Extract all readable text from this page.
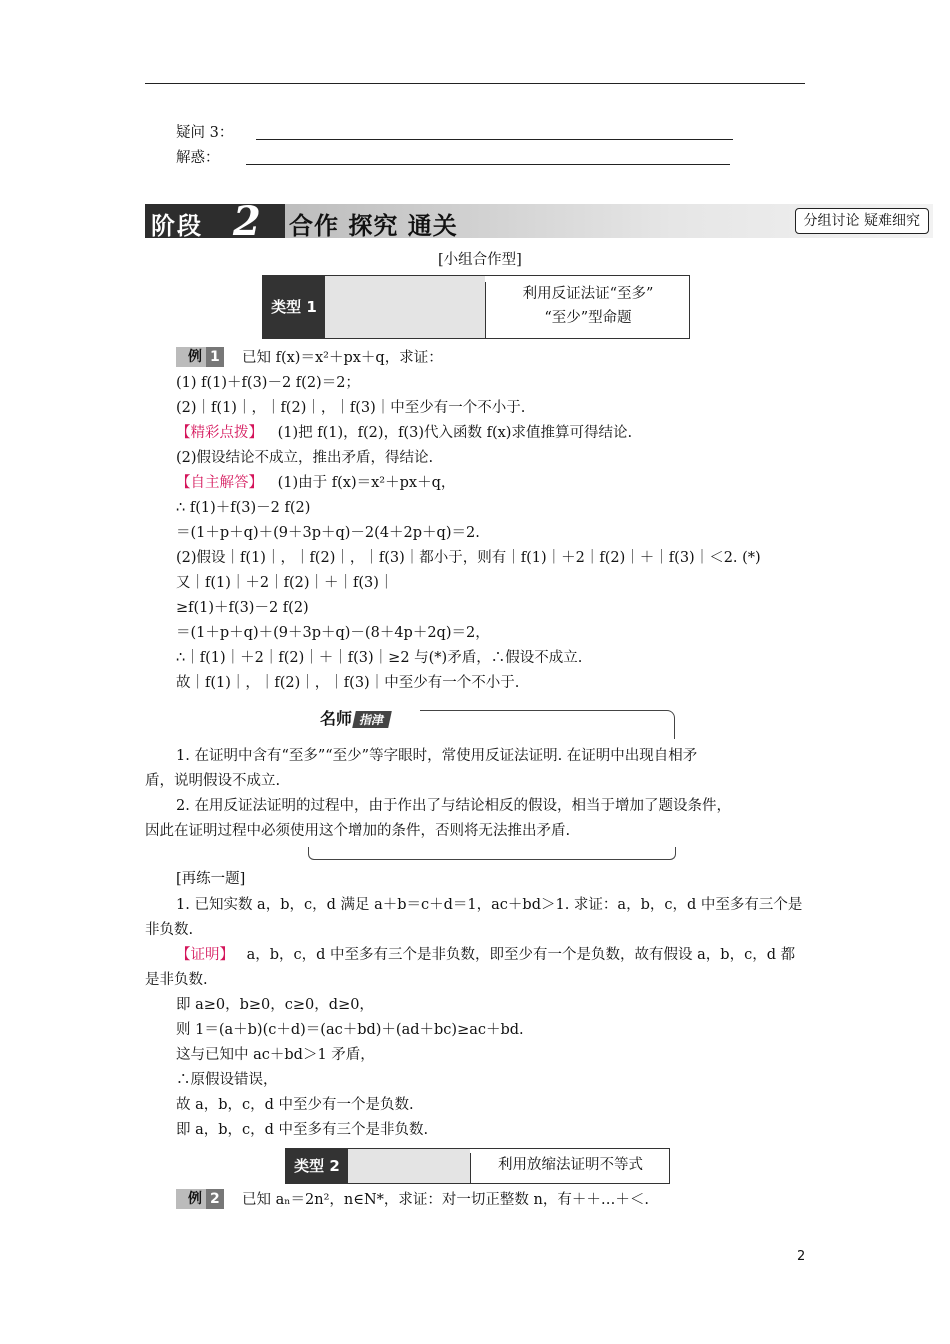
疑问 3：
解惑：
阶段 2 合作 探究 通关	分组讨论 疑难细究
[小组合作型]
类型 1
利用反证法证“至多”
“至少”型命题
例 1 已知 f(x)＝x²＋px＋q，求证：
(1) f(1)＋f(3)－2 f(2)＝2；
(2)｜f(1)｜，｜f(2)｜，｜f(3)｜中至少有一个不小于.
【精彩点拨】 (1)把 f(1)，f(2)，f(3)代入函数 f(x)求值推算可得结论.
(2)假设结论不成立，推出矛盾，得结论.
【自主解答】 (1)由于 f(x)＝x²＋px＋q，
∴ f(1)＋f(3)－2 f(2)
＝(1＋p＋q)＋(9＋3p＋q)－2(4＋2p＋q)＝2.
(2)假设｜f(1)｜，｜f(2)｜，｜f(3)｜都小于，则有｜f(1)｜＋2｜f(2)｜＋｜f(3)｜＜2. (*)
又｜f(1)｜＋2｜f(2)｜＋｜f(3)｜
≥f(1)＋f(3)－2 f(2)
＝(1＋p＋q)＋(9＋3p＋q)－(8＋4p＋2q)＝2，
∴｜f(1)｜＋2｜f(2)｜＋｜f(3)｜≥2 与(*)矛盾，∴假设不成立.
故｜f(1)｜，｜f(2)｜，｜f(3)｜中至少有一个不小于.
名师 指津
1. 在证明中含有“至多”“至少”等字眼时，常使用反证法证明. 在证明中出现自相矛
盾，说明假设不成立.
2. 在用反证法证明的过程中，由于作出了与结论相反的假设，相当于增加了题设条件，
因此在证明过程中必须使用这个增加的条件，否则将无法推出矛盾.
[再练一题]
1. 已知实数 a，b，c，d 满足 a＋b＝c＋d＝1，ac＋bd＞1. 求证：a，b，c，d 中至多有三个是
非负数.
【证明】 a，b，c，d 中至多有三个是非负数，即至少有一个是负数，故有假设 a，b，c，d 都
是非负数.
即 a≥0，b≥0，c≥0，d≥0，
则 1＝(a＋b)(c＋d)＝(ac＋bd)＋(ad＋bc)≥ac＋bd.
这与已知中 ac＋bd＞1 矛盾，
∴原假设错误，
故 a，b，c，d 中至少有一个是负数.
即 a，b，c，d 中至多有三个是非负数.
类型 2	利用放缩法证明不等式
例 2 已知 aₙ＝2n²，n∈N*，求证：对一切正整数 n，有＋＋…＋＜.
2
